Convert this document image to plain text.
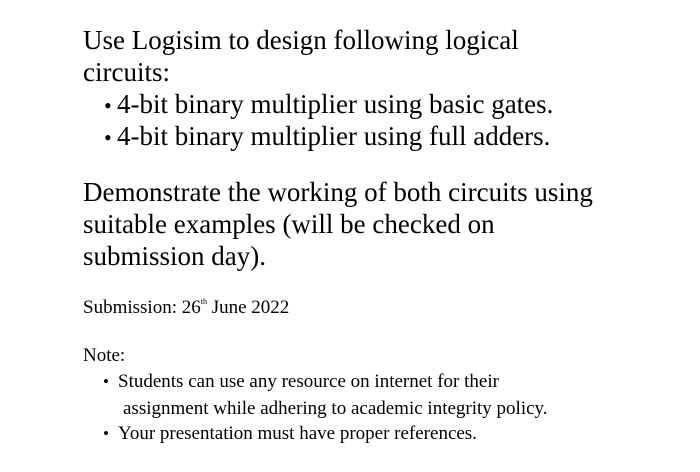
Use Logisim to design following logical
circuits:
• 4-bit binary multiplier using basic gates.
• 4-bit binary multiplier using full adders.
Demonstrate the working of both circuits using
suitable examples (will be checked on
submission day).
Submission: 26th June 2022
Note:
• Students can use any resource on internet for their
assignment while adhering to academic integrity policy.
• Your presentation must have proper references.
